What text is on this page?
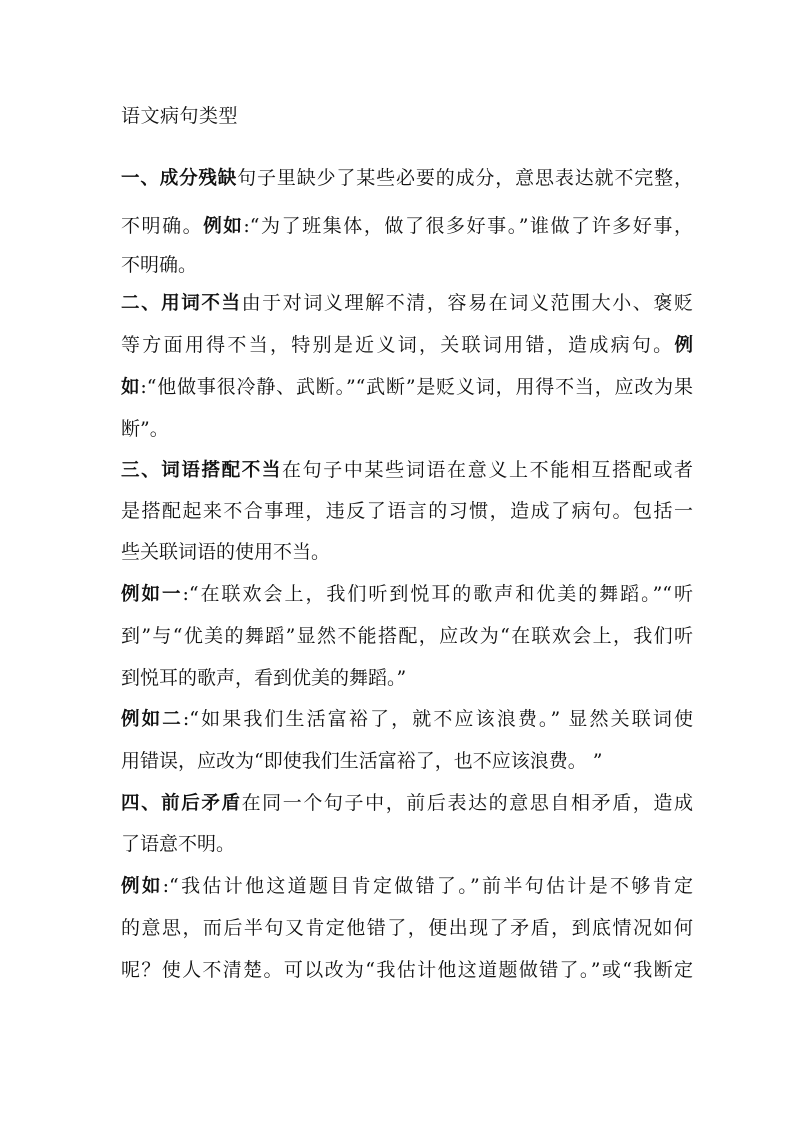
语文病句类型
一、成分残缺句子里缺少了某些必要的成分，意思表达就不完整，
不明确。例如:“为了班集体，做了很多好事。”谁做了许多好事，
不明确。
二、用词不当由于对词义理解不清，容易在词义范围大小、褒贬
等方面用得不当，特别是近义词，关联词用错，造成病句。例
如:“他做事很冷静、武断。”“武断”是贬义词，用得不当，应改为果
断”。
三、词语搭配不当在句子中某些词语在意义上不能相互搭配或者
是搭配起来不合事理，违反了语言的习惯，造成了病句。包括一
些关联词语的使用不当。
例如一:“在联欢会上，我们听到悦耳的歌声和优美的舞蹈。”“听
到”与“优美的舞蹈”显然不能搭配，应改为“在联欢会上，我们听
到悦耳的歌声，看到优美的舞蹈。”
例如二:“如果我们生活富裕了，就不应该浪费。” 显然关联词使
用错误，应改为“即使我们生活富裕了，也不应该浪费。 ”
四、前后矛盾在同一个句子中，前后表达的意思自相矛盾，造成
了语意不明。
例如:“我估计他这道题目肯定做错了。”前半句估计是不够肯定
的意思，而后半句又肯定他错了，便出现了矛盾，到底情况如何
呢？使人不清楚。可以改为“我估计他这道题做错了。”或“我断定
